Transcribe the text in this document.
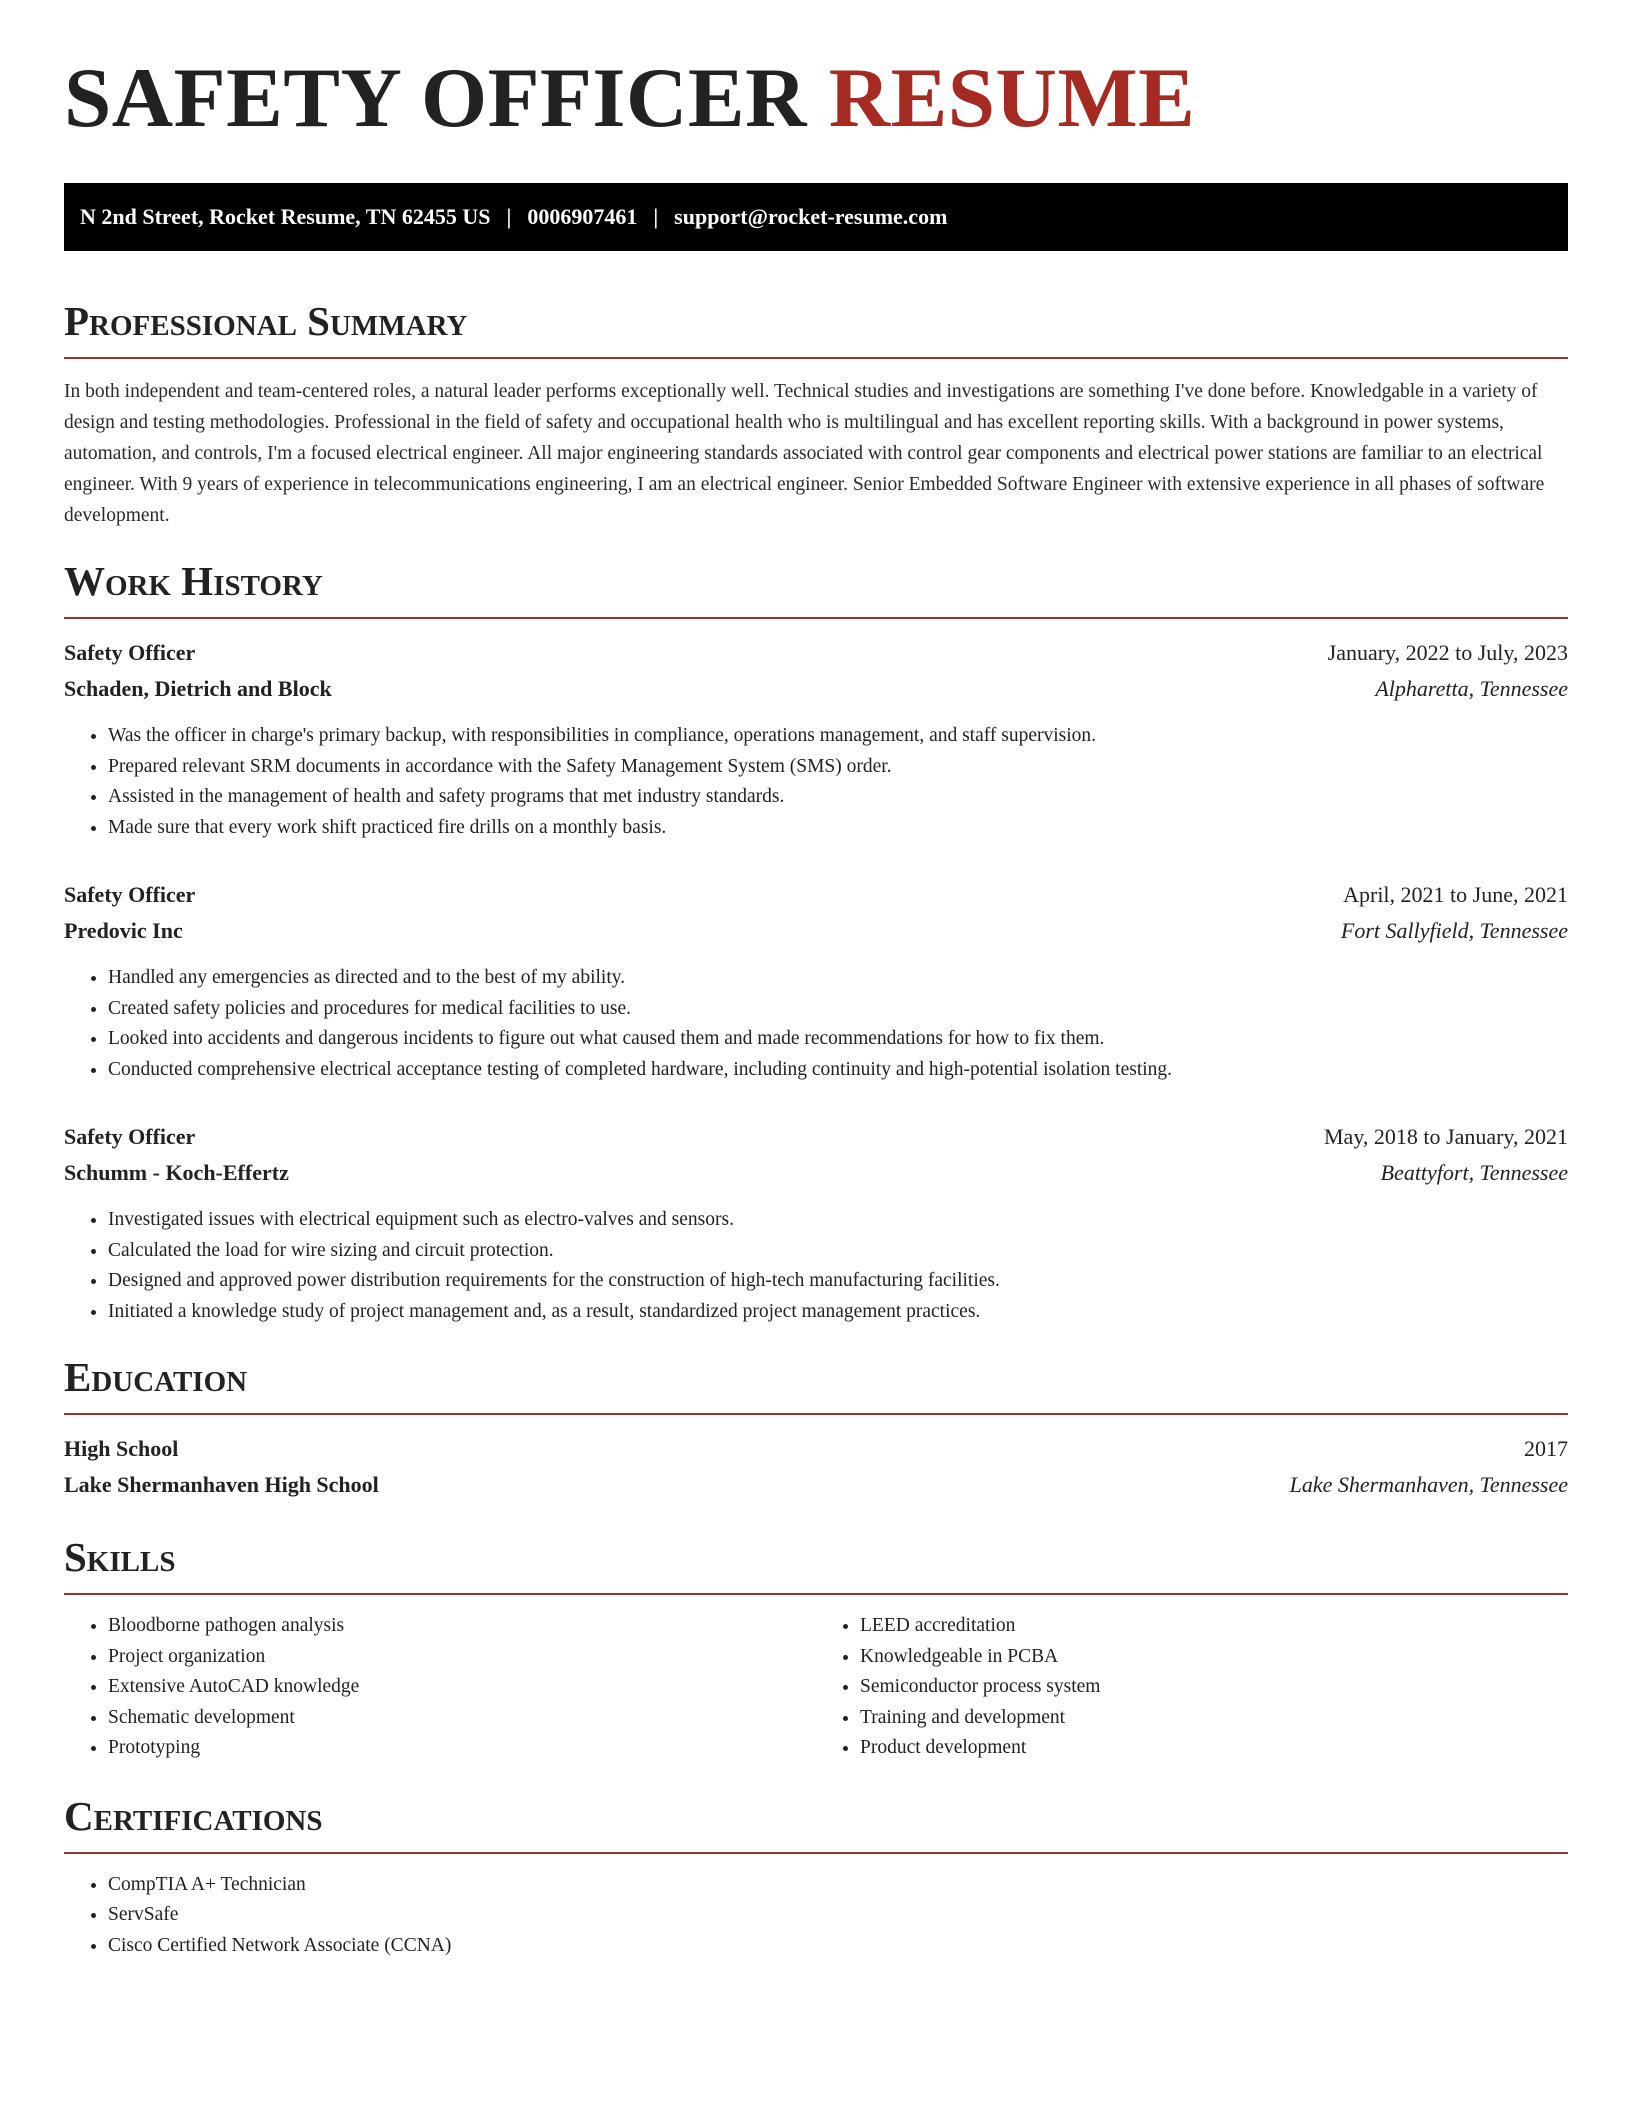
SAFETY OFFICER RESUME
N 2nd Street, Rocket Resume, TN 62455 US | 0006907461 | support@rocket-resume.com
Professional Summary

In both independent and team-centered roles, a natural leader performs exceptionally well. Technical studies and investigations are something I've done before. Knowledgable in a variety of design and testing methodologies. Professional in the field of safety and occupational health who is multilingual and has excellent reporting skills. With a background in power systems, automation, and controls, I'm a focused electrical engineer. All major engineering standards associated with control gear components and electrical power stations are familiar to an electrical engineer. With 9 years of experience in telecommunications engineering, I am an electrical engineer. Senior Embedded Software Engineer with extensive experience in all phases of software development.

Work History
Safety Officer	January, 2022 to July, 2023
Schaden, Dietrich and Block	Alpharetta, Tennessee
• Was the officer in charge's primary backup, with responsibilities in compliance, operations management, and staff supervision.
• Prepared relevant SRM documents in accordance with the Safety Management System (SMS) order.
• Assisted in the management of health and safety programs that met industry standards.
• Made sure that every work shift practiced fire drills on a monthly basis.
Safety Officer	April, 2021 to June, 2021
Predovic Inc	Fort Sallyfield, Tennessee
• Handled any emergencies as directed and to the best of my ability.
• Created safety policies and procedures for medical facilities to use.
• Looked into accidents and dangerous incidents to figure out what caused them and made recommendations for how to fix them.
• Conducted comprehensive electrical acceptance testing of completed hardware, including continuity and high-potential isolation testing.
Safety Officer	May, 2018 to January, 2021
Schumm - Koch-Effertz	Beattyfort, Tennessee
• Investigated issues with electrical equipment such as electro-valves and sensors.
• Calculated the load for wire sizing and circuit protection.
• Designed and approved power distribution requirements for the construction of high-tech manufacturing facilities.
• Initiated a knowledge study of project management and, as a result, standardized project management practices.
Education
High School	2017
Lake Shermanhaven High School	Lake Shermanhaven, Tennessee
Skills
• Bloodborne pathogen analysis
• Project organization
• Extensive AutoCAD knowledge
• Schematic development
• Prototyping
• LEED accreditation
• Knowledgeable in PCBA
• Semiconductor process system
• Training and development
• Product development
Certifications
• CompTIA A+ Technician
• ServSafe
• Cisco Certified Network Associate (CCNA)
